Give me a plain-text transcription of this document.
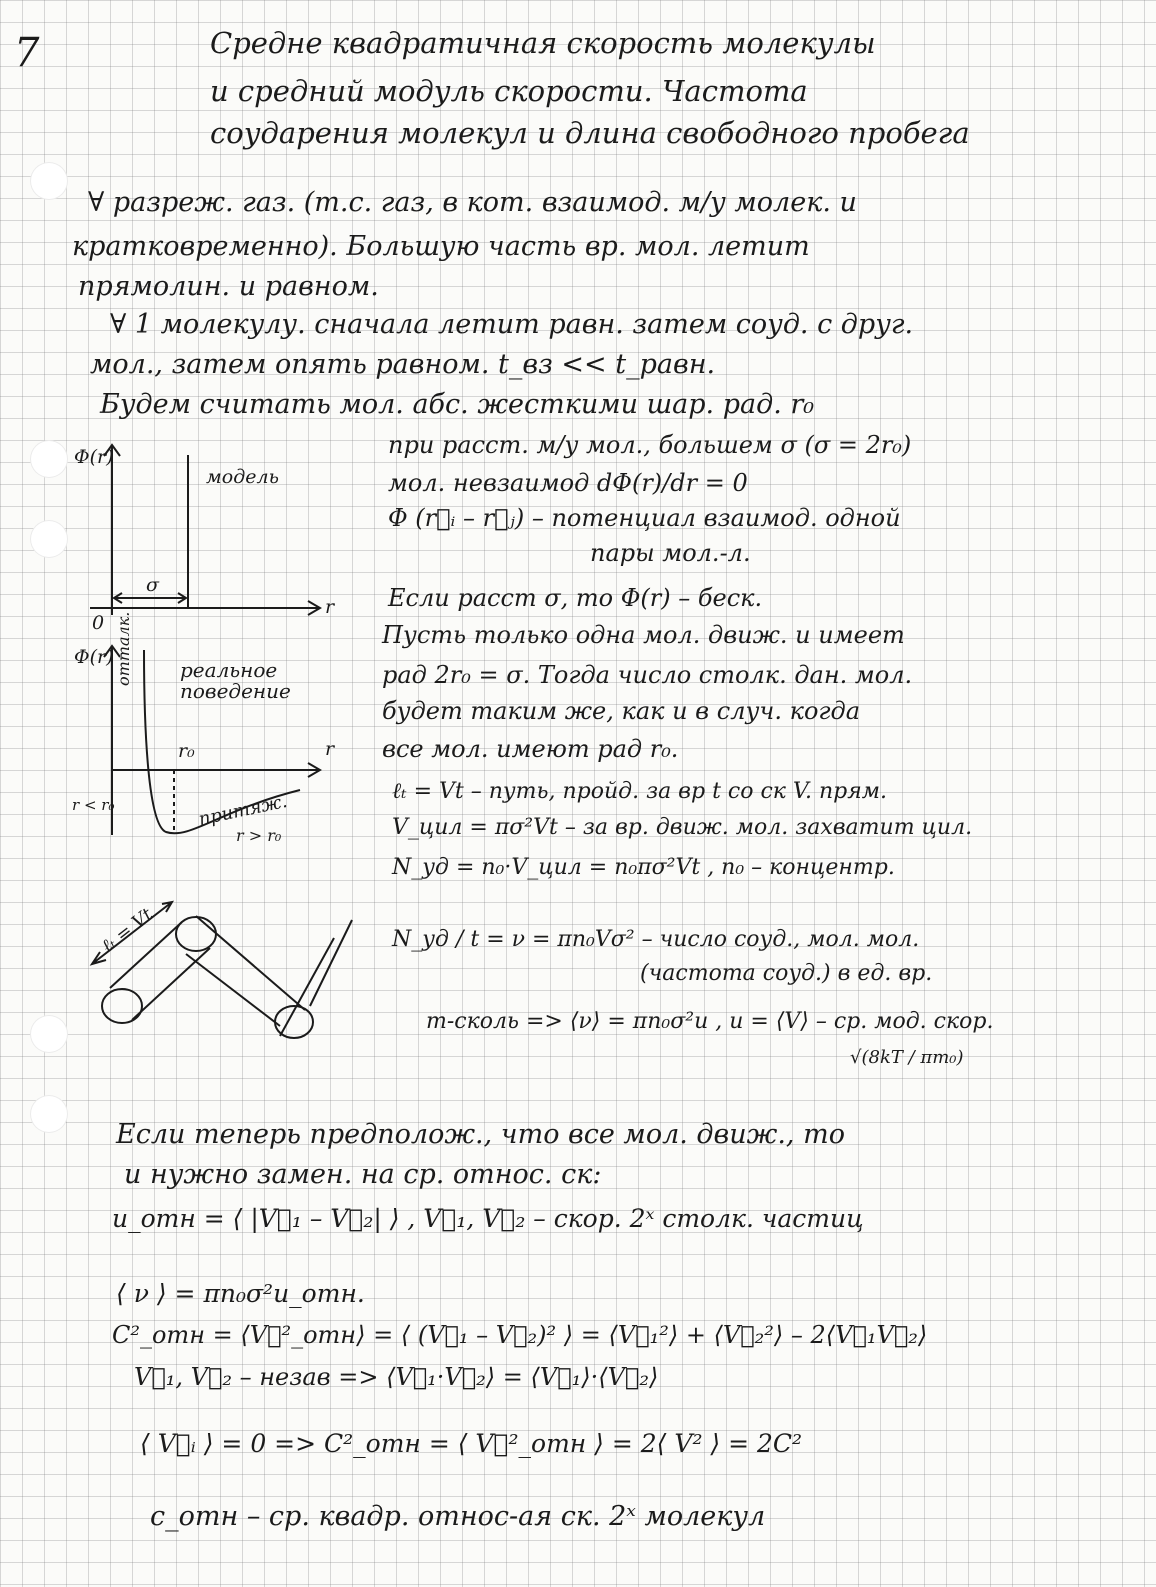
7	Средне квадратичная скорость молекулы
и средний модуль скорости. Частота
соударения молекул и длина свободного пробега
∀ разреж. газ. (т.с. газ, в кот. взаимод. м/у молек. и
кратковременно). Большую часть вр. мол. летит
прямолин. и равном.
∀ 1 молекулу. сначала летит равн. затем соуд. с друг.
мол., затем опять равном. t_вз << t_равн.
Будем считать мол. абс. жесткими шар. рад. r₀
Φ(r)
r
0
модель
σ
Φ(r)
r
реальное
поведение
отталк.
r₀
r < r₀	притяж.
r > r₀
ℓₜ = Vt
при расст. м/у мол., большем σ (σ = 2r₀)
мол. невзаимод dΦ(r)/dr = 0
Φ (r⃗ᵢ – r⃗ⱼ) – потенциал взаимод. одной
пары мол.-л.
Если расст σ, то Φ(r) – беск.
Пусть только одна мол. движ. и имеет
рад 2r₀ = σ. Тогда число столк. дан. мол.
будет таким же, как и в случ. когда
все мол. имеют рад r₀.
ℓₜ = Vt – путь, пройд. за вр t со ск V. прям.
V_цил = πσ²Vt – за вр. движ. мол. захватит цил.
N_уд = n₀·V_цил = n₀πσ²Vt , n₀ – концентр.
N_уд / t = ν = πn₀Vσ² – число соуд., мол. мол.
(частота соуд.) в ед. вр.
т-сколь => ⟨ν⟩ = πn₀σ²u , u = ⟨V⟩ – ср. мод. скор.
√(8kT / πm₀)
Если теперь предполож., что все мол. движ., то
u нужно замен. на ср. относ. ск:
u_отн = ⟨ |V⃗₁ – V⃗₂| ⟩ , V⃗₁, V⃗₂ – скор. 2ˣ столк. частиц
⟨ ν ⟩ = πn₀σ²u_отн.
C²_отн = ⟨V⃗²_отн⟩ = ⟨ (V⃗₁ – V⃗₂)² ⟩ = ⟨V⃗₁²⟩ + ⟨V⃗₂²⟩ – 2⟨V⃗₁V⃗₂⟩
V⃗₁, V⃗₂ – незав => ⟨V⃗₁·V⃗₂⟩ = ⟨V⃗₁⟩·⟨V⃗₂⟩
⟨ V⃗ᵢ ⟩ = 0 => C²_отн = ⟨ V⃗²_отн ⟩ = 2⟨ V² ⟩ = 2C²
c_отн – ср. квадр. относ-ая ск. 2ˣ молекул
